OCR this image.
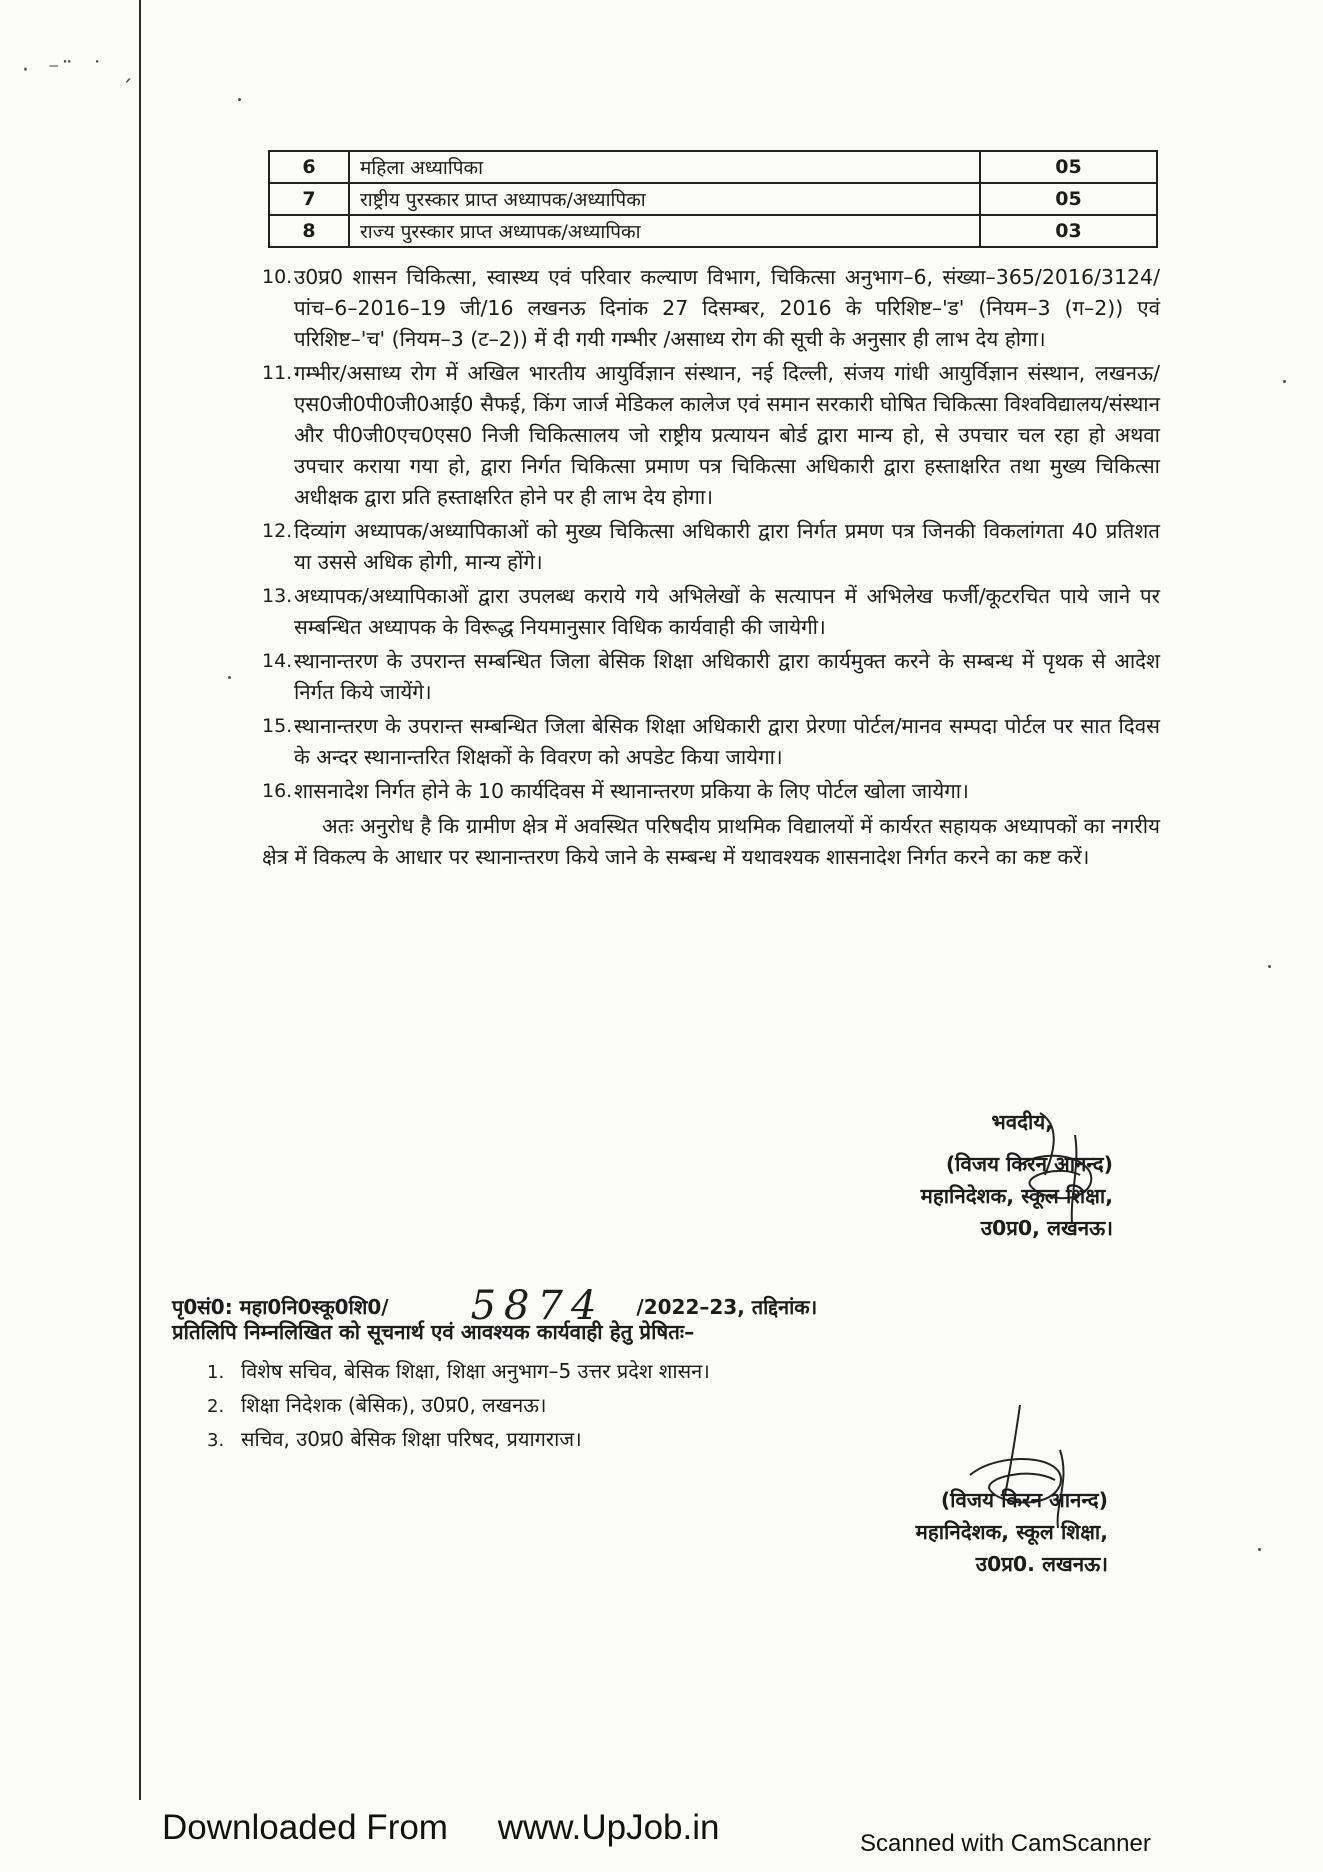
· ⁻ ̈ ˙ ˏ
6	महिला अध्यापिका	05
7	राष्ट्रीय पुरस्कार प्राप्त अध्यापक/अध्यापिका	05
8	राज्य पुरस्कार प्राप्त अध्यापक/अध्यापिका	03
10. उ0प्र0 शासन चिकित्सा, स्वास्थ्य एवं परिवार कल्याण विभाग, चिकित्सा अनुभाग–6, संख्या–365/2016/3124/पांच–6–2016–19 जी/16 लखनऊ दिनांक 27 दिसम्बर, 2016 के परिशिष्ट–'ड' (नियम–3 (ग–2)) एवं परिशिष्ट–'च' (नियम–3 (ट–2)) में दी गयी गम्भीर /असाध्य रोग की सूची के अनुसार ही लाभ देय होगा।
11. गम्भीर/असाध्य रोग में अखिल भारतीय आयुर्विज्ञान संस्थान, नई दिल्ली, संजय गांधी आयुर्विज्ञान संस्थान, लखनऊ/एस0जी0पी0जी0आई0 सैफई, किंग जार्ज मेडिकल कालेज एवं समान सरकारी घोषित चिकित्सा विश्वविद्यालय/संस्थान और पी0जी0एच0एस0 निजी चिकित्सालय जो राष्ट्रीय प्रत्यायन बोर्ड द्वारा मान्य हो, से उपचार चल रहा हो अथवा उपचार कराया गया हो, द्वारा निर्गत चिकित्सा प्रमाण पत्र चिकित्सा अधिकारी द्वारा हस्ताक्षरित तथा मुख्य चिकित्सा अधीक्षक द्वारा प्रति हस्ताक्षरित होने पर ही लाभ देय होगा।
12. दिव्यांग अध्यापक/अध्यापिकाओं को मुख्य चिकित्सा अधिकारी द्वारा निर्गत प्रमण पत्र जिनकी विकलांगता 40 प्रतिशत या उससे अधिक होगी, मान्य होंगे।
13. अध्यापक/अध्यापिकाओं द्वारा उपलब्ध कराये गये अभिलेखों के सत्यापन में अभिलेख फर्जी/कूटरचित पाये जाने पर सम्बन्धित अध्यापक के विरूद्ध नियमानुसार विधिक कार्यवाही की जायेगी।
14. स्थानान्तरण के उपरान्त सम्बन्धित जिला बेसिक शिक्षा अधिकारी द्वारा कार्यमुक्त करने के सम्बन्ध में पृथक से आदेश निर्गत किये जायेंगे।
15. स्थानान्तरण के उपरान्त सम्बन्धित जिला बेसिक शिक्षा अधिकारी द्वारा प्रेरणा पोर्टल/मानव सम्पदा पोर्टल पर सात दिवस के अन्दर स्थानान्तरित शिक्षकों के विवरण को अपडेट किया जायेगा।
16. शासनादेश निर्गत होने के 10 कार्यदिवस में स्थानान्तरण प्रकिया के लिए पोर्टल खोला जायेगा।
अतः अनुरोध है कि ग्रामीण क्षेत्र में अवस्थित परिषदीय प्राथमिक विद्यालयों में कार्यरत सहायक अध्यापकों का नगरीय क्षेत्र में विकल्प के आधार पर स्थानान्तरण किये जाने के सम्बन्ध में यथावश्यक शासनादेश निर्गत करने का कष्ट करें।
भवदीय,
(विजय किरन आनन्द)
महानिदेशक, स्कूल शिक्षा,
उ0प्र0, लखनऊ।
पृ0सं0: महा0नि0स्कू0शि0/ 5874 /2022–23, तद्दिनांक।
प्रतिलिपि निम्नलिखित को सूचनार्थ एवं आवश्यक कार्यवाही हेतु प्रेषितः–
1. विशेष सचिव, बेसिक शिक्षा, शिक्षा अनुभाग–5 उत्तर प्रदेश शासन।
2. शिक्षा निदेशक (बेसिक), उ0प्र0, लखनऊ।
3. सचिव, उ0प्र0 बेसिक शिक्षा परिषद, प्रयागराज।
(विजय किरन आनन्द)
महानिदेशक, स्कूल शिक्षा,
उ0प्र0. लखनऊ।
Downloaded From www.UpJob.in	Scanned with CamScanner
